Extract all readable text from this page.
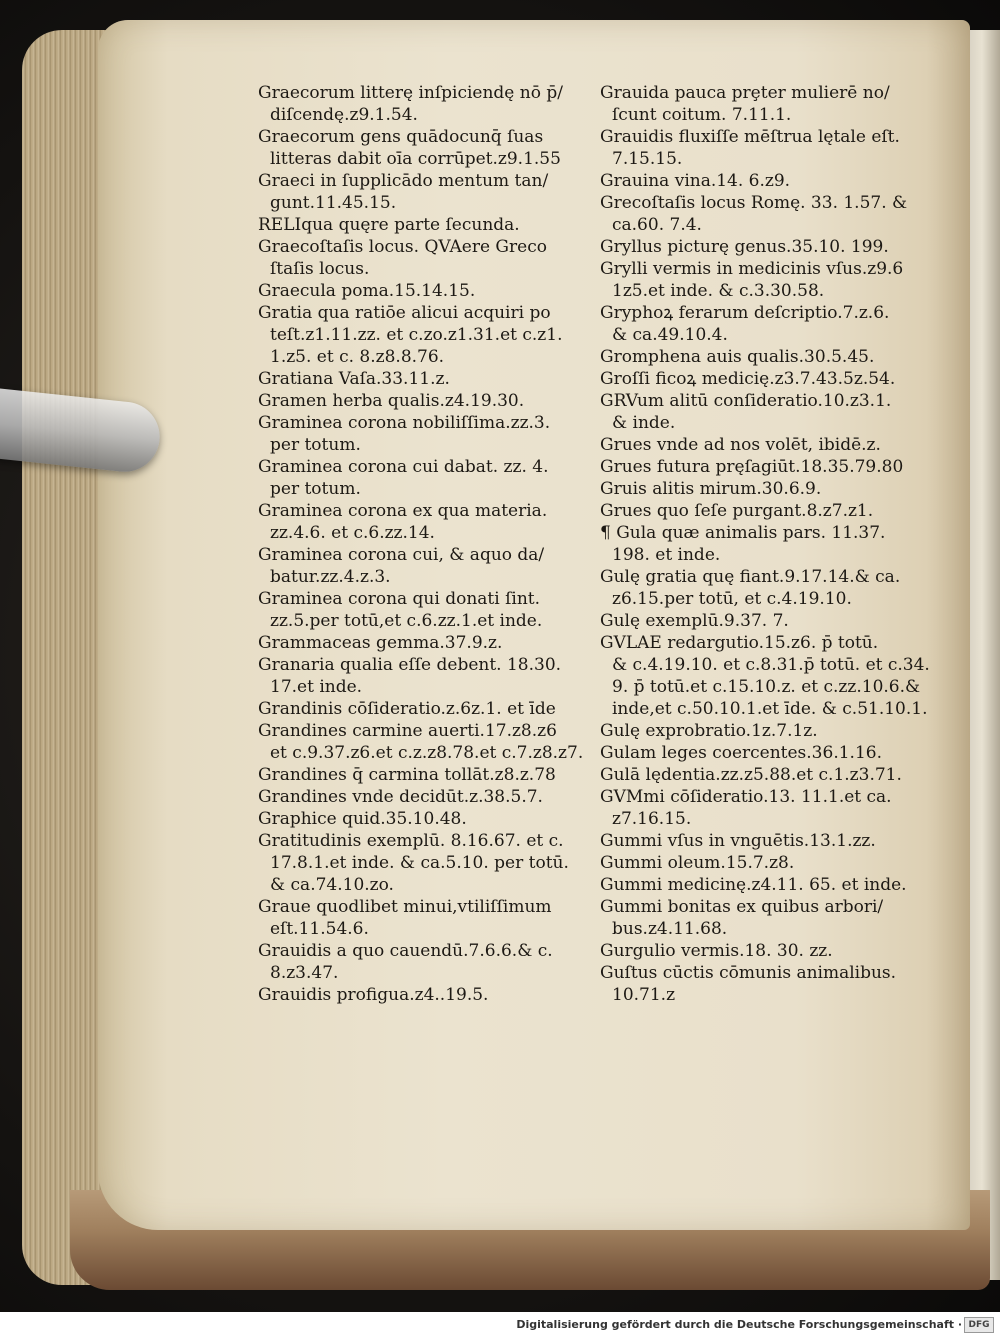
Graecorum litterę inſpiciendę nō p̄/
diſcendę.z9.1.54.
Graecorum gens quādocunq̄ ſuas
litteras dabit oīa corrūpet.z9.1.55
Graeci in ſupplicādo mentum tan/
gunt.11.45.15.
RELIqua quęre parte ſecunda.
Graecoſtaſis locus. QVAere Greco
ſtaſis locus.
Graecula poma.15.14.15.
Gratia qua ratiōe alicui acquiri po
teſt.z1.11.zz. et c.zo.z1.31.et c.z1.
1.z5. et c. 8.z8.8.76.
Gratiana Vaſa.33.11.z.
Gramen herba qualis.z4.19.30.
Graminea corona nobiliſſima.zz.3.
per totum.
Graminea corona cui dabat. zz. 4.
per totum.
Graminea corona ex qua materia.
zz.4.6. et c.6.zz.14.
Graminea corona cui, & aquo da/
batur.zz.4.z.3.
Graminea corona qui donati ſint.
zz.5.per totū,et c.6.zz.1.et inde.
Grammaceas gemma.37.9.z.
Granaria qualia eſſe debent. 18.30.
17.et inde.
Grandinis cōſideratio.z.6z.1. et īde
Grandines carmine auerti.17.z8.z6
et c.9.37.z6.et c.z.z8.78.et c.7.z8.z7.
Grandines q̄ carmina tollāt.z8.z.78
Grandines vnde decidūt.z.38.5.7.
Graphice quid.35.10.48.
Gratitudinis exemplū. 8.16.67. et c.
17.8.1.et inde. & ca.5.10. per totū.
& ca.74.10.zo.
Graue quodlibet minui,vtiliſſimum
eſt.11.54.6.
Grauidis a quo cauendū.7.6.6.& c.
8.z3.47.
Grauidis profigua.z4..19.5.
Grauida pauca prȩter mulierē no/
ſcunt coitum. 7.11.1.
Grauidis fluxiſſe mēſtrua lętale eſt.
7.15.15.
Grauina vina.14. 6.z9.
Grecoſtaſis locus Romę. 33. 1.57. &
ca.60. 7.4.
Gryllus picturę genus.35.10. 199.
Grylli vermis in medicinis vſus.z9.6
1z5.et inde. & c.3.30.58.
Gryphoꝝ ferarum deſcriptio.7.z.6.
& ca.49.10.4.
Gromphena auis qualis.30.5.45.
Groſſi ficoꝝ medicię.z3.7.43.5z.54.
GRVum alitū conſideratio.10.z3.1.
& inde.
Grues vnde ad nos volēt, ibidē.z.
Grues futura pręſagiūt.18.35.79.80
Gruis alitis mirum.30.6.9.
Grues quo ſeſe purgant.8.z7.z1.
¶ Gula quæ animalis pars. 11.37.
198. et inde.
Gulę gratia quę fiant.9.17.14.& ca.
z6.15.per totū, et c.4.19.10.
Gulę exemplū.9.37. 7.
GVLAE redargutio.15.z6. p̄ totū.
& c.4.19.10. et c.8.31.p̄ totū. et c.34.
9. p̄ totū.et c.15.10.z. et c.zz.10.6.&
inde,et c.50.10.1.et īde. & c.51.10.1.
Gulę exprobratio.1z.7.1z.
Gulam leges coercentes.36.1.16.
Gulā lędentia.zz.z5.88.et c.1.z3.71.
GVMmi cōſideratio.13. 11.1.et ca.
z7.16.15.
Gummi vſus in vnguētis.13.1.zz.
Gummi oleum.15.7.z8.
Gummi medicinę.z4.11. 65. et inde.
Gummi bonitas ex quibus arbori/
bus.z4.11.68.
Gurgulio vermis.18. 30. zz.
Guſtus cūctis cōmunis animalibus.
10.71.z
Digitalisierung gefördert durch die Deutsche Forschungsgemeinschaft · DFG
